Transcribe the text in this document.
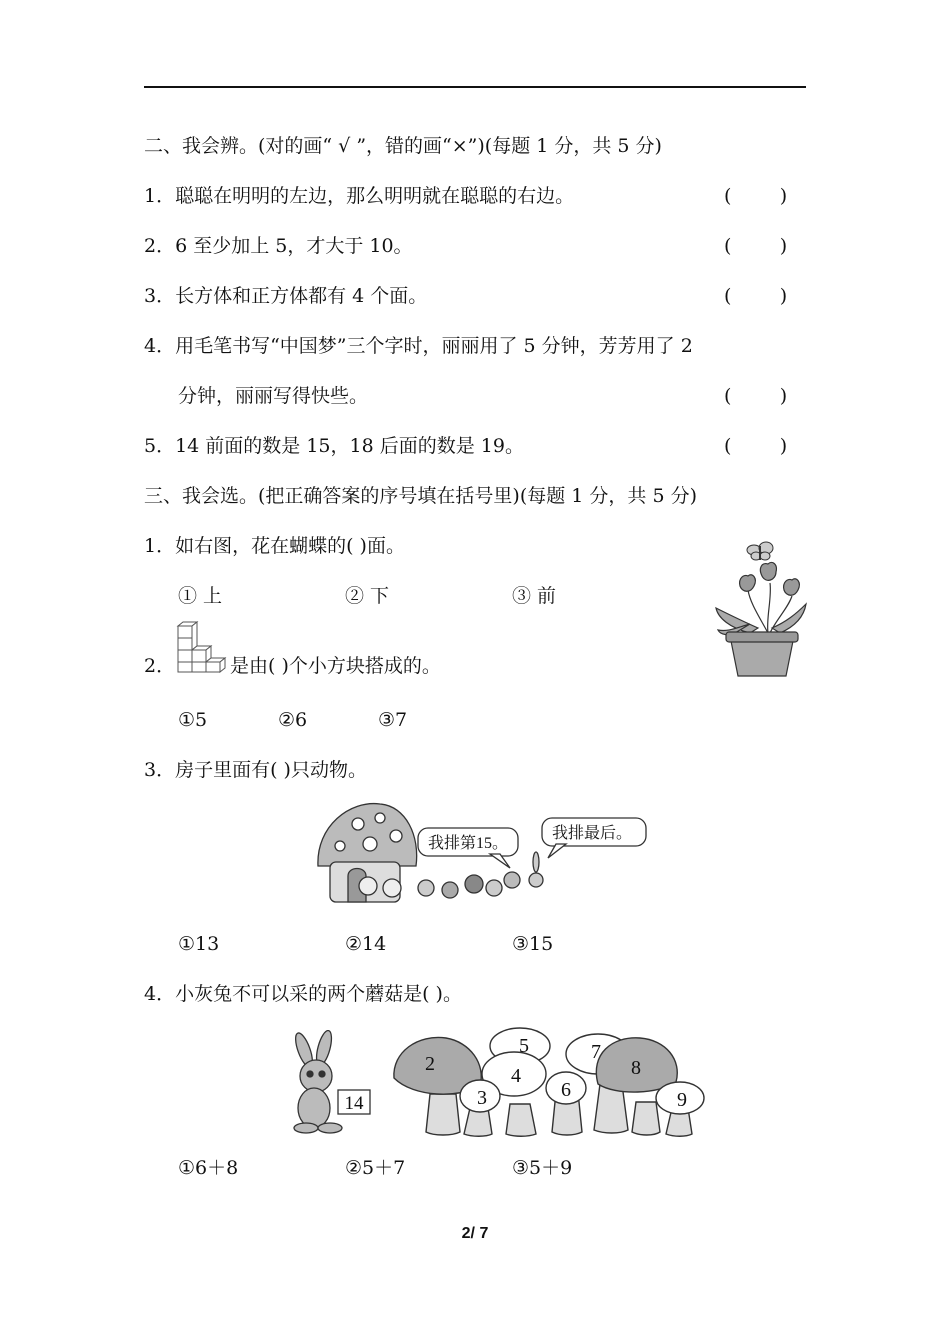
二、我会辨。(对的画“ √ ”，错的画“×”)(每题 1 分，共 5 分)
1．聪聪在明明的左边，那么明明就在聪聪的右边。	(        )
2．6 至少加上 5，才大于 10。	(        )
3．长方体和正方体都有 4 个面。	(        )
4．用毛笔书写“中国梦”三个字时，丽丽用了 5 分钟，芳芳用了 2
分钟，丽丽写得快些。	(        )
5．14 前面的数是 15，18 后面的数是 19。	(        )
三、我会选。(把正确答案的序号填在括号里)(每题 1 分，共 5 分)
1．如右图，花在蝴蝶的( )面。
① 上	② 下	③ 前
2．	是由( )个小方块搭成的。
①5	②6	③7
3．房子里面有( )只动物。
我排第15。
我排最后。
①13	②14	③15
4．小灰兔不可以采的两个蘑菇是( )。
14
2
5
4
3	6
7
8
9
①6＋8	②5＋7	③5＋9
2/ 7
